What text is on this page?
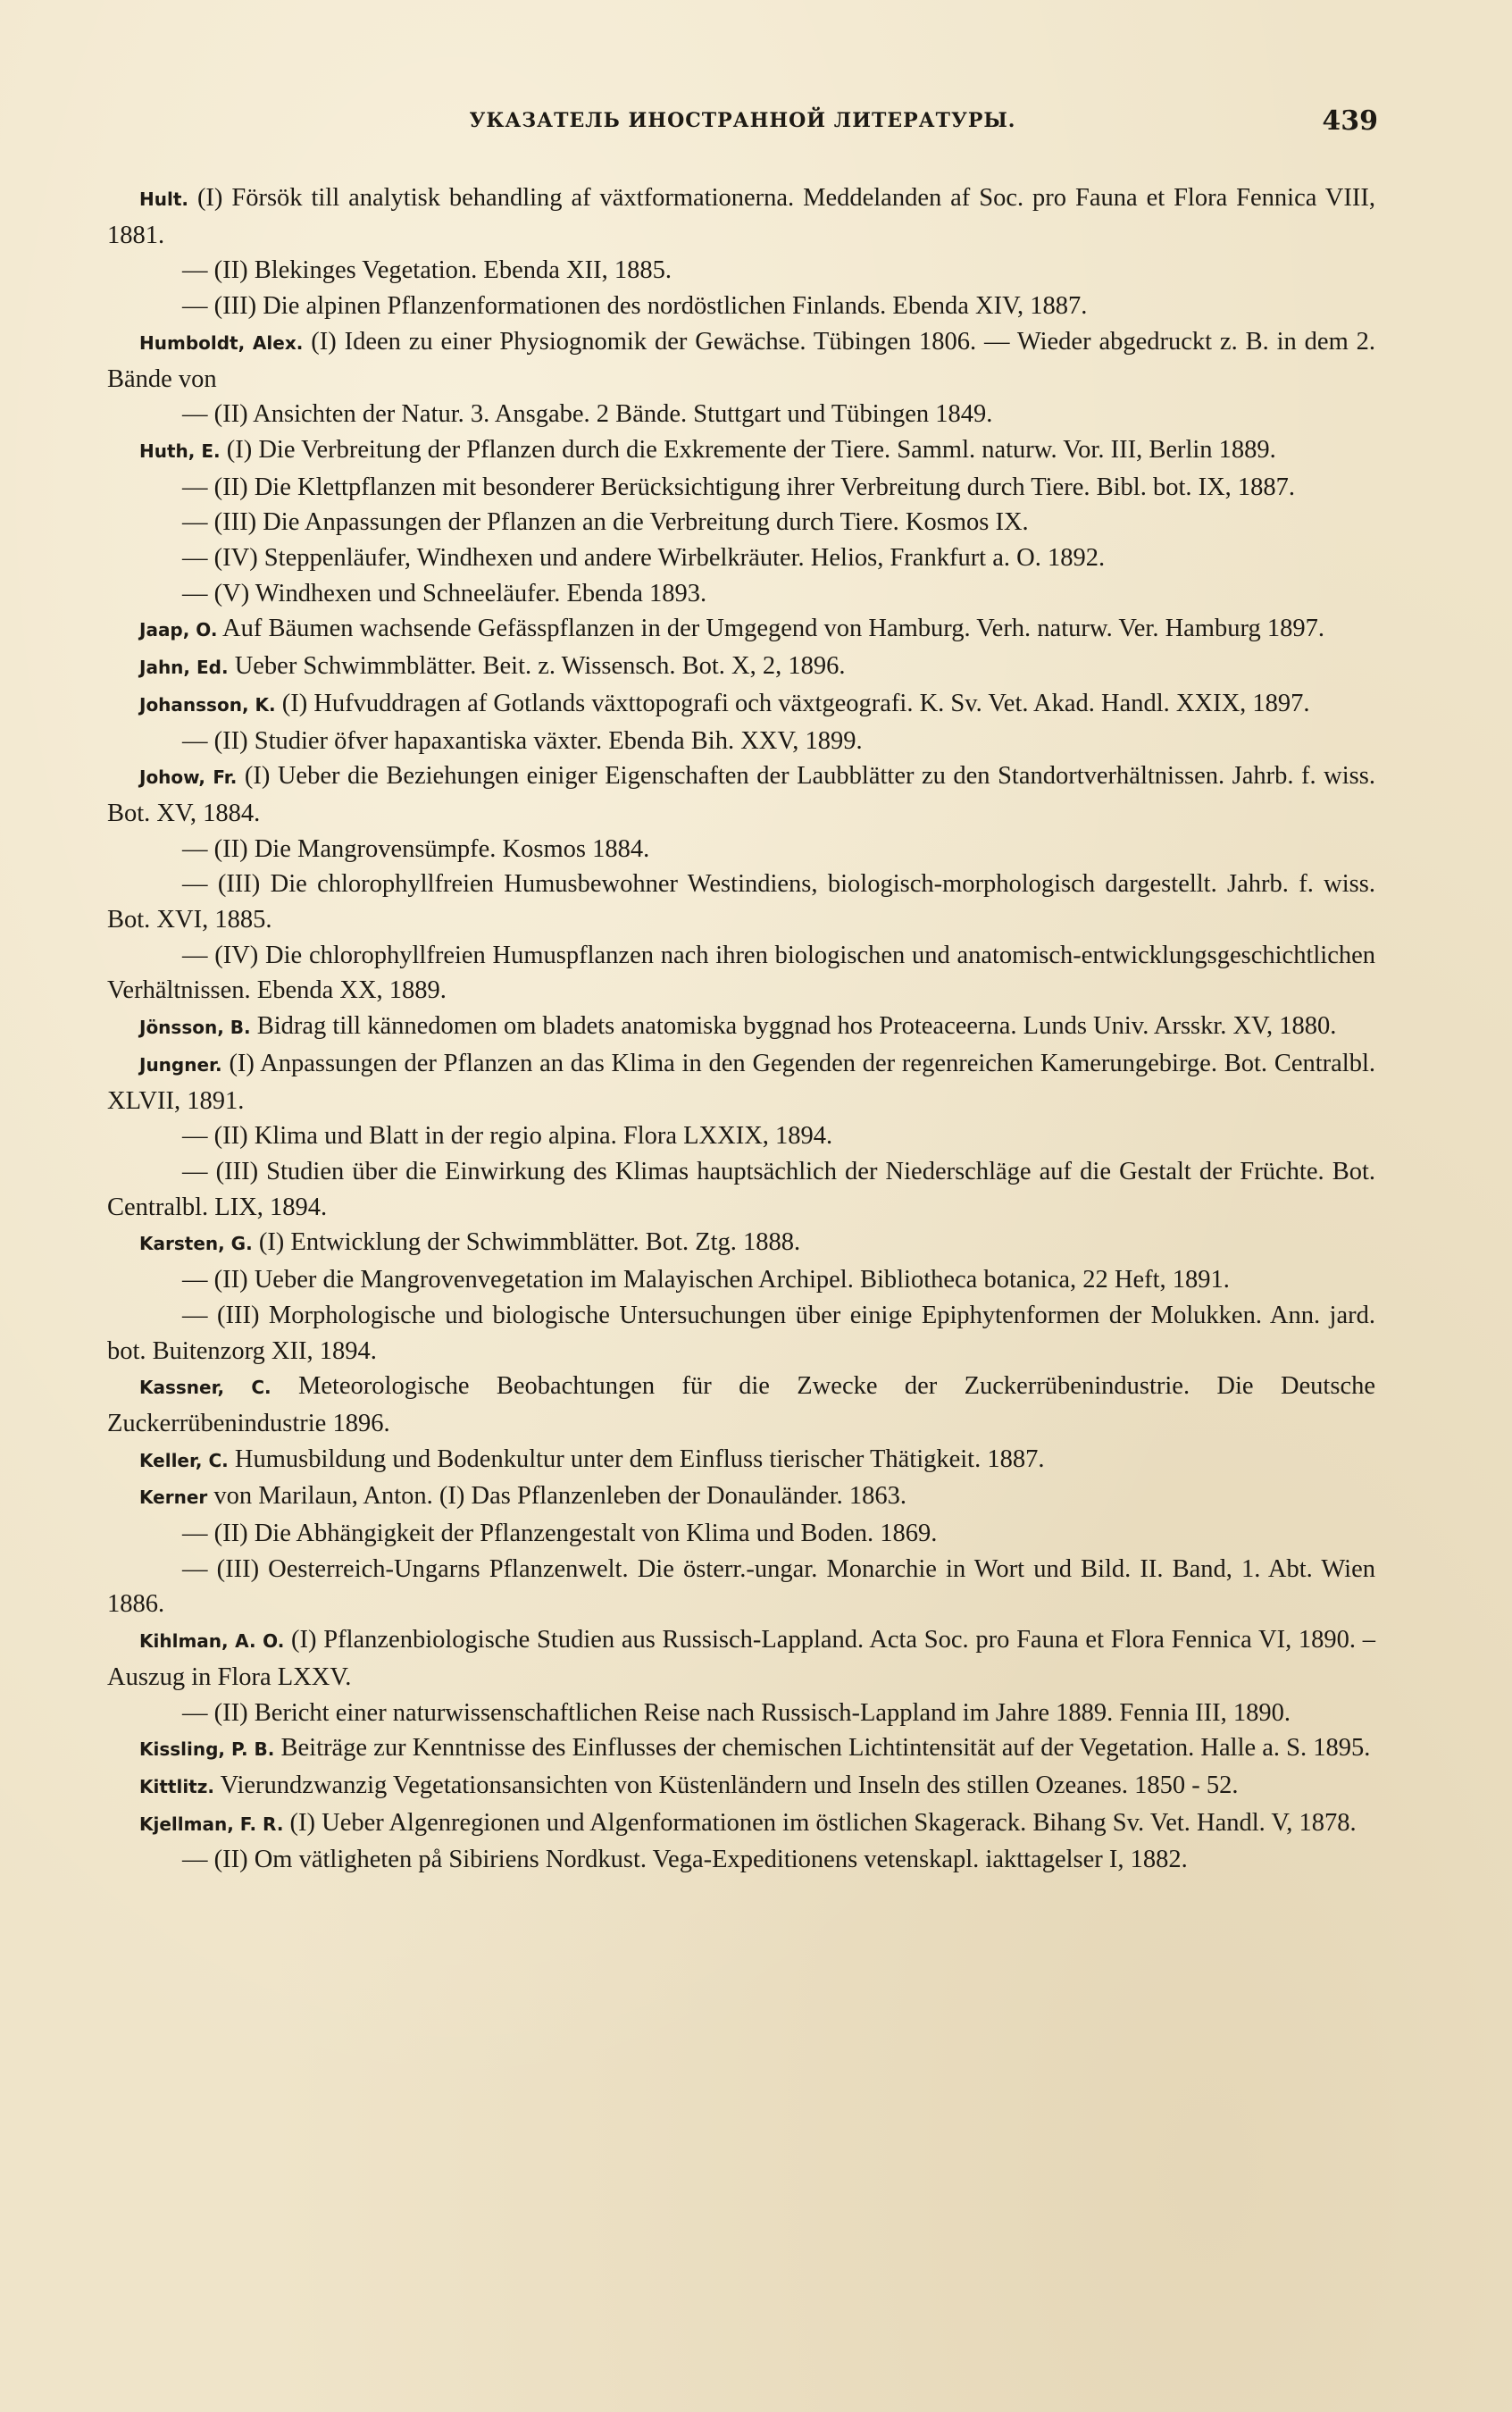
УКАЗАТЕЛЬ ИНОСТРАННОЙ ЛИТЕРАТУРЫ.	439

Hult. (I) Försök till analytisk behandling af växtformationerna. Meddelanden af Soc. pro Fauna et Flora Fennica VIII, 1881.

— (II) Blekinges Vegetation. Ebenda XII, 1885.

— (III) Die alpinen Pflanzenformationen des nordöstlichen Finlands. Ebenda XIV, 1887.

Humboldt, Alex. (I) Ideen zu einer Physiognomik der Gewächse. Tübingen 1806. — Wieder abgedruckt z. B. in dem 2. Bände von

— (II) Ansichten der Natur. 3. Ansgabe. 2 Bände. Stuttgart und Tübingen 1849.

Huth, E. (I) Die Verbreitung der Pflanzen durch die Exkremente der Tiere. Samml. naturw. Vor. III, Berlin 1889.

— (II) Die Klettpflanzen mit besonderer Berücksichtigung ihrer Verbreitung durch Tiere. Bibl. bot. IX, 1887.

— (III) Die Anpassungen der Pflanzen an die Verbreitung durch Tiere. Kosmos IX.

— (IV) Steppenläufer, Windhexen und andere Wirbelkräuter. Helios, Frankfurt a. O. 1892.

— (V) Windhexen und Schneeläufer. Ebenda 1893.

Jaap, O. Auf Bäumen wachsende Gefässpflanzen in der Umgegend von Hamburg. Verh. naturw. Ver. Hamburg 1897.

Jahn, Ed. Ueber Schwimmblätter. Beit. z. Wissensch. Bot. X, 2, 1896.

Johansson, K. (I) Hufvuddragen af Gotlands växttopografi och växtgeografi. K. Sv. Vet. Akad. Handl. XXIX, 1897.

— (II) Studier öfver hapaxantiska växter. Ebenda Bih. XXV, 1899.

Johow, Fr. (I) Ueber die Beziehungen einiger Eigenschaften der Laubblätter zu den Standortverhältnissen. Jahrb. f. wiss. Bot. XV, 1884.

— (II) Die Mangrovensümpfe. Kosmos 1884.

— (III) Die chlorophyllfreien Humusbewohner Westindiens, biologisch-morphologisch dargestellt. Jahrb. f. wiss. Bot. XVI, 1885.

— (IV) Die chlorophyllfreien Humuspflanzen nach ihren biologischen und anatomisch-entwicklungsgeschichtlichen Verhältnissen. Ebenda XX, 1889.

Jönsson, B. Bidrag till kännedomen om bladets anatomiska byggnad hos Proteaceerna. Lunds Univ. Arsskr. XV, 1880.

Jungner. (I) Anpassungen der Pflanzen an das Klima in den Gegenden der regenreichen Kamerungebirge. Bot. Centralbl. XLVII, 1891.

— (II) Klima und Blatt in der regio alpina. Flora LXXIX, 1894.

— (III) Studien über die Einwirkung des Klimas hauptsächlich der Niederschläge auf die Gestalt der Früchte. Bot. Centralbl. LIX, 1894.

Karsten, G. (I) Entwicklung der Schwimmblätter. Bot. Ztg. 1888.

— (II) Ueber die Mangrovenvegetation im Malayischen Archipel. Bibliotheca botanica, 22 Heft, 1891.

— (III) Morphologische und biologische Untersuchungen über einige Epiphytenformen der Molukken. Ann. jard. bot. Buitenzorg XII, 1894.

Kassner, C. Meteorologische Beobachtungen für die Zwecke der Zuckerrübenindustrie. Die Deutsche Zuckerrübenindustrie 1896.

Keller, C. Humusbildung und Bodenkultur unter dem Einfluss tierischer Thätigkeit. 1887.

Kerner von Marilaun, Anton. (I) Das Pflanzenleben der Donauländer. 1863.

— (II) Die Abhängigkeit der Pflanzengestalt von Klima und Boden. 1869.

— (III) Oesterreich-Ungarns Pflanzenwelt. Die österr.-ungar. Monarchie in Wort und Bild. II. Band, 1. Abt. Wien 1886.

Kihlman, A. O. (I) Pflanzenbiologische Studien aus Russisch-Lappland. Acta Soc. pro Fauna et Flora Fennica VI, 1890. – Auszug in Flora LXXV.

— (II) Bericht einer naturwissenschaftlichen Reise nach Russisch-Lappland im Jahre 1889. Fennia III, 1890.

Kissling, P. B. Beiträge zur Kenntnisse des Einflusses der chemischen Lichtintensität auf der Vegetation. Halle a. S. 1895.

Kittlitz. Vierundzwanzig Vegetationsansichten von Küstenländern und Inseln des stillen Ozeanes. 1850 - 52.

Kjellman, F. R. (I) Ueber Algenregionen und Algenformationen im östlichen Skagerack. Bihang Sv. Vet. Handl. V, 1878.

— (II) Om vätligheten på Sibiriens Nordkust. Vega-Expeditionens vetenskapl. iakttagelser I, 1882.
